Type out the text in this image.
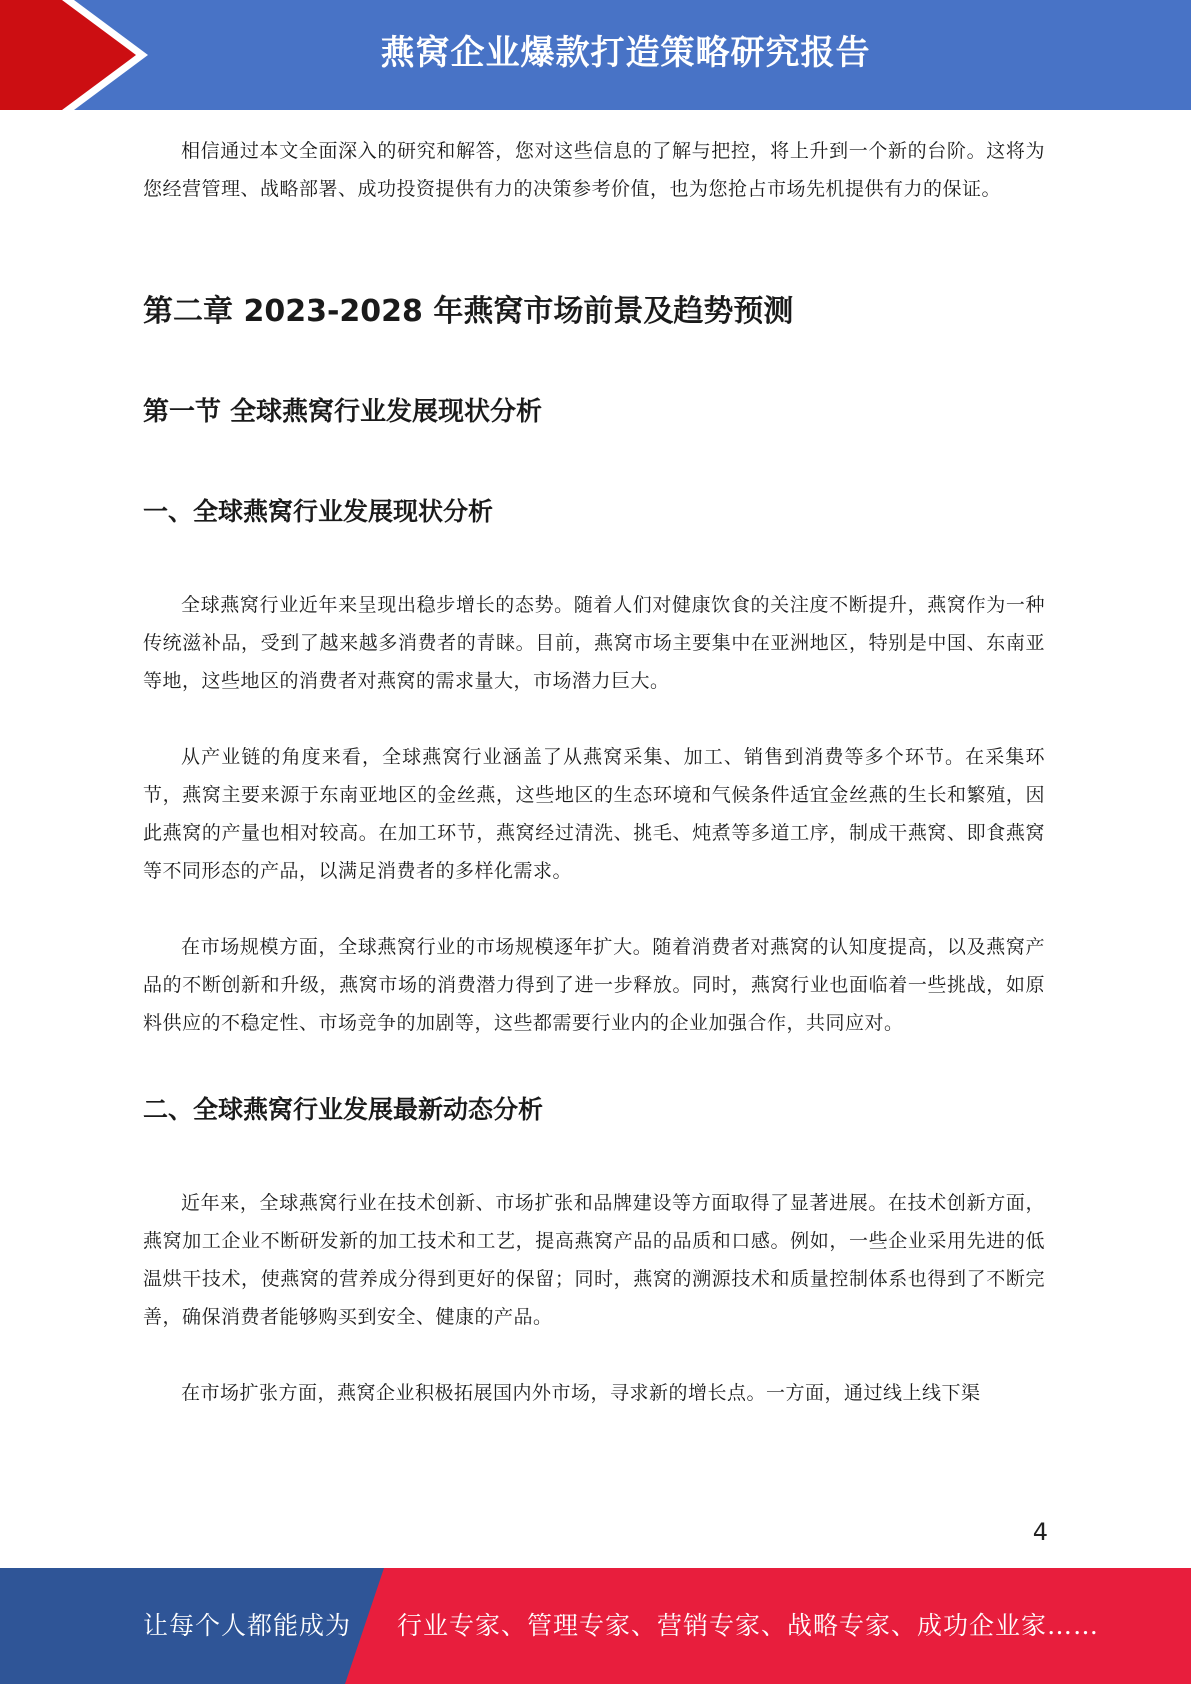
燕窝企业爆款打造策略研究报告

相信通过本文全面深入的研究和解答，您对这些信息的了解与把控，将上升到一个新的台阶。这将为您经营管理、战略部署、成功投资提供有力的决策参考价值，也为您抢占市场先机提供有力的保证。

第二章 2023-2028 年燕窝市场前景及趋势预测
第一节 全球燕窝行业发展现状分析
一、全球燕窝行业发展现状分析

全球燕窝行业近年来呈现出稳步增长的态势。随着人们对健康饮食的关注度不断提升，燕窝作为一种传统滋补品，受到了越来越多消费者的青睐。目前，燕窝市场主要集中在亚洲地区，特别是中国、东南亚等地，这些地区的消费者对燕窝的需求量大，市场潜力巨大。

从产业链的角度来看，全球燕窝行业涵盖了从燕窝采集、加工、销售到消费等多个环节。在采集环节，燕窝主要来源于东南亚地区的金丝燕，这些地区的生态环境和气候条件适宜金丝燕的生长和繁殖，因此燕窝的产量也相对较高。在加工环节，燕窝经过清洗、挑毛、炖煮等多道工序，制成干燕窝、即食燕窝等不同形态的产品，以满足消费者的多样化需求。

在市场规模方面，全球燕窝行业的市场规模逐年扩大。随着消费者对燕窝的认知度提高，以及燕窝产品的不断创新和升级，燕窝市场的消费潜力得到了进一步释放。同时，燕窝行业也面临着一些挑战，如原料供应的不稳定性、市场竞争的加剧等，这些都需要行业内的企业加强合作，共同应对。

二、全球燕窝行业发展最新动态分析

近年来，全球燕窝行业在技术创新、市场扩张和品牌建设等方面取得了显著进展。在技术创新方面，燕窝加工企业不断研发新的加工技术和工艺，提高燕窝产品的品质和口感。例如，一些企业采用先进的低温烘干技术，使燕窝的营养成分得到更好的保留；同时，燕窝的溯源技术和质量控制体系也得到了不断完善，确保消费者能够购买到安全、健康的产品。

在市场扩张方面，燕窝企业积极拓展国内外市场，寻求新的增长点。一方面，通过线上线下渠

4
让每个人都能成为 行业专家、管理专家、营销专家、战略专家、成功企业家……
